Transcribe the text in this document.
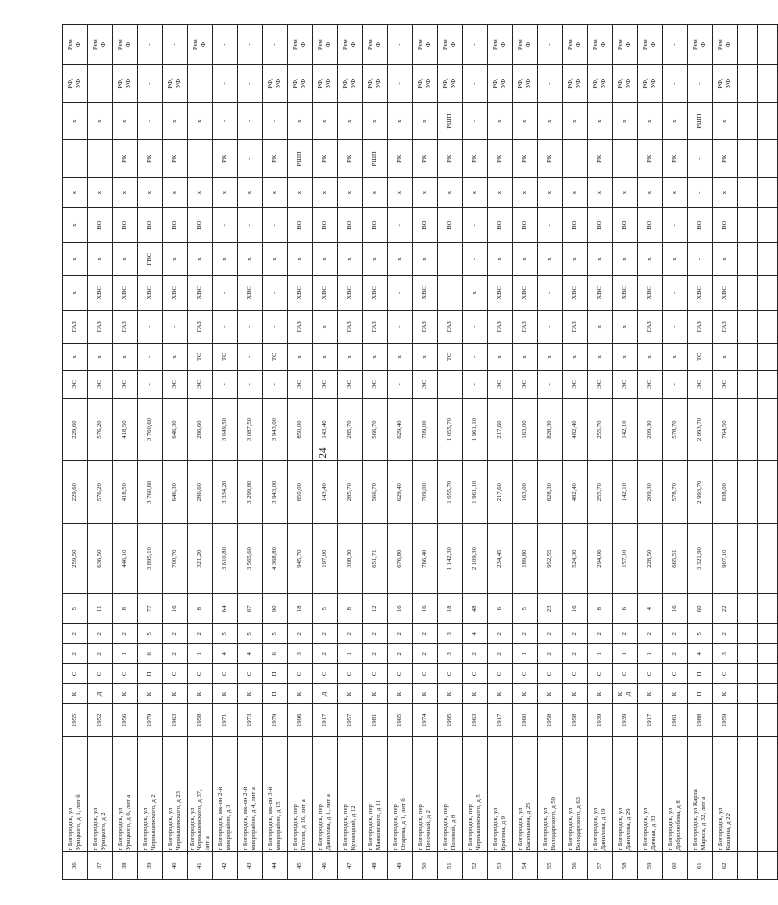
24
36	г Богородск, ул
Урицкого, д 1, лит б	1955	К	С	2	2	5	259,50	229,60	229,60	ЭС	х	ГАЗ	х	х	х	х		х	РФ,
УФ	Рем
Ф
37	г Богородск, ул
Урицкого, д 2	1952	Д	С	2	2	11	636,50	576,20	576,20	ЭС	х	ГАЗ	ХВС	х	ВО	х		х		Рем
Ф
38	г Богородск, ул
Урицкого, д 6, лит а	1956	К	С	1	2	8	446,10	418,50	418,50	ЭС	х	ГАЗ	ХВС	х	ВО	х	РК	х	РФ,
УФ	Рем
Ф
39	г Богородск, ул
Чернышевского, д 2	1979	К	П	6	5	77	3 895,10	3 760,60	3 760,60	-	-	-	ХВС	ГВС	ВО	х	РК	-	-	-
40	г Богородск, ул
Чернышевского, д 23	1963	К	С	2	2	16	700,70	646,30	646,30	ЭС	х	-	ХВС	х	ВО	х	РК	х	РФ,
УФ	-
41	г Богородск, ул
Чернышевского, д 37,
лит а	1958	К	С	1	2	8	321,20	286,60	286,60	ЭС	ТС	ГАЗ	ХВС	х	ВО	х		х		Рем
Ф
42	г Богородск, мк-он 2-й
микрорайон, д 3	1971	К	С	4	5	64	3 610,80	3 334,20	3 049,50	-	ТС	-	-	х	-	х	РК	-	-	-
43	г Богородск, мк-он 2-й
микрорайон, д 4, лит а	1973	К	С	4	5	67	3 565,60	3 299,80	3 087,50	-	-	-	ХВС	х	-	х	-	-	-	-
44	г Богородск, мк-он 3-й
микрорайон, д 15	1979	П	П	6	5	90	4 368,80	3 943,00	3 943,00	-	ТС	-	-	х	-	х	РК	-	РФ,
УФ	-
45	г Богородск, пер
Гоголя, д 16, лит а	1996	К	С	3	2	18	945,70	850,00	850,00	ЭС	х	ГАЗ	ХВС	х	ВО	х	РШП	х	РФ,
УФ	Рем
Ф
46	г Богородск, пер
Данилова, д 1, лит а	1917	Д	С	2	2	5	197,00	143,40	143,40	ЭС	х	х	ХВС	х	ВО	х	РК	х	РФ,
УФ	Рем
Ф
47	г Богородск, пер
Кузнецкий, д 12	1957	К	С	1	2	8	308,30	285,70	285,70	ЭС	х	ГАЗ	ХВС	х	ВО	х	РК	х	РФ,
УФ	Рем
Ф
48	г Богородск, пер
Маяковского, д 11	1981	К	С	2	2	12	651,71	566,70	566,70	ЭС	х	ГАЗ	ХВС	х	ВО	х	РШП	х	РФ,
УФ	Рем
Ф
49	г Богородск, пер
Огарева, д 1, лит б	1965	К	С	2	2	16	676,80	629,40	629,40	-	х	-	-	х	-	х	РК	х	-	-
50	г Богородск, пер
Песочный, д 2	1974	К	С	2	2	16	766,40	709,00	709,00	ЭС	х	ГАЗ	ХВС	х	ВО	х	РК	х	РФ,
УФ	Рем
Ф
51	г Богородск, пер
Полевой, д 8	1995	К	С	3	3	18	1 142,30	1 055,70	1 055,70		ТС	ГАЗ			ВО	х	РК	РШП	РФ,
УФ	Рем
Ф
52	г Богородск, пер
Чернышевского, д 5	1963	К	С	2	4	48	2 109,30	1 961,10	1 961,10	-	-	-	х	-	-	х	РК	-	-	-
53	г Богородск, ул
Брагина, д 9	1917	К	С	2	2	6	234,45	217,60	217,60	ЭС	х	ГАЗ	ХВС	х	ВО	х	РК	х	РФ,
УФ	Рем
Ф
54	г Богородск, ул
Васенькина, д 25	1960	К	С	1	2	5	189,80	163,00	163,00	ЭС	х	ГАЗ	ХВС	х	ВО	х	РК	х	РФ,
УФ	Рем
Ф
55	г Богородск, ул
Володарского, д 59	1958	К	С	2	2	23	952,55	828,30	828,30	-	х	-	-	х	-	х	РК	х	-	-
56	г Богородск, ул
Володарского, д 63	1958	К	С	2	2	16	524,30	482,40	482,40	ЭС	х	ГАЗ	ХВС	х	ВО	х		х	РФ,
УФ	Рем
Ф
57	г Богородск, ул
Данилова, д 19	1939	К	С	1	2	8	294,06	255,70	255,70	ЭС	х	х	ХВС	х	ВО	х	РК	х	РФ,
УФ	Рем
Ф
58	г Богородск, ул
Данилова, д 29	1939	К
Д	С	1	2	6	157,10	142,10	142,10	ЭС	х	х	ХВС	х	ВО	х		х	РФ,
УФ	Рем
Ф
59	г Богородск, ул
Дачная, д 33	1917	К	С	1	2	4	228,50	209,30	209,30	ЭС	х	ГАЗ	ХВС	х	ВО	х	РК	х	РФ,
УФ	Рем
Ф
60	г Богородск, ул
Добролюбова, д 8	1961	К	С	2	2	16	665,51	578,70	578,70	-	х	-	-	х	-	х	РК	х	-	-
61	г Богородск, ул Карла
Маркса, д 32, лит а	1988	П	П	4	5	60	3 321,90	2 993,70	2 993,70	ЭС	ТС	ГАЗ	ХВС	-	ВО	-	-	РШП	-	Рем
Ф
62	г Богородск, ул
Кошина, д 22	1959	К	С	3	2	22	907,10	838,00	764,50	ЭС	х	ГАЗ	ХВС	х	ВО	х	РК	х	РФ,
УФ	Рем
Ф
